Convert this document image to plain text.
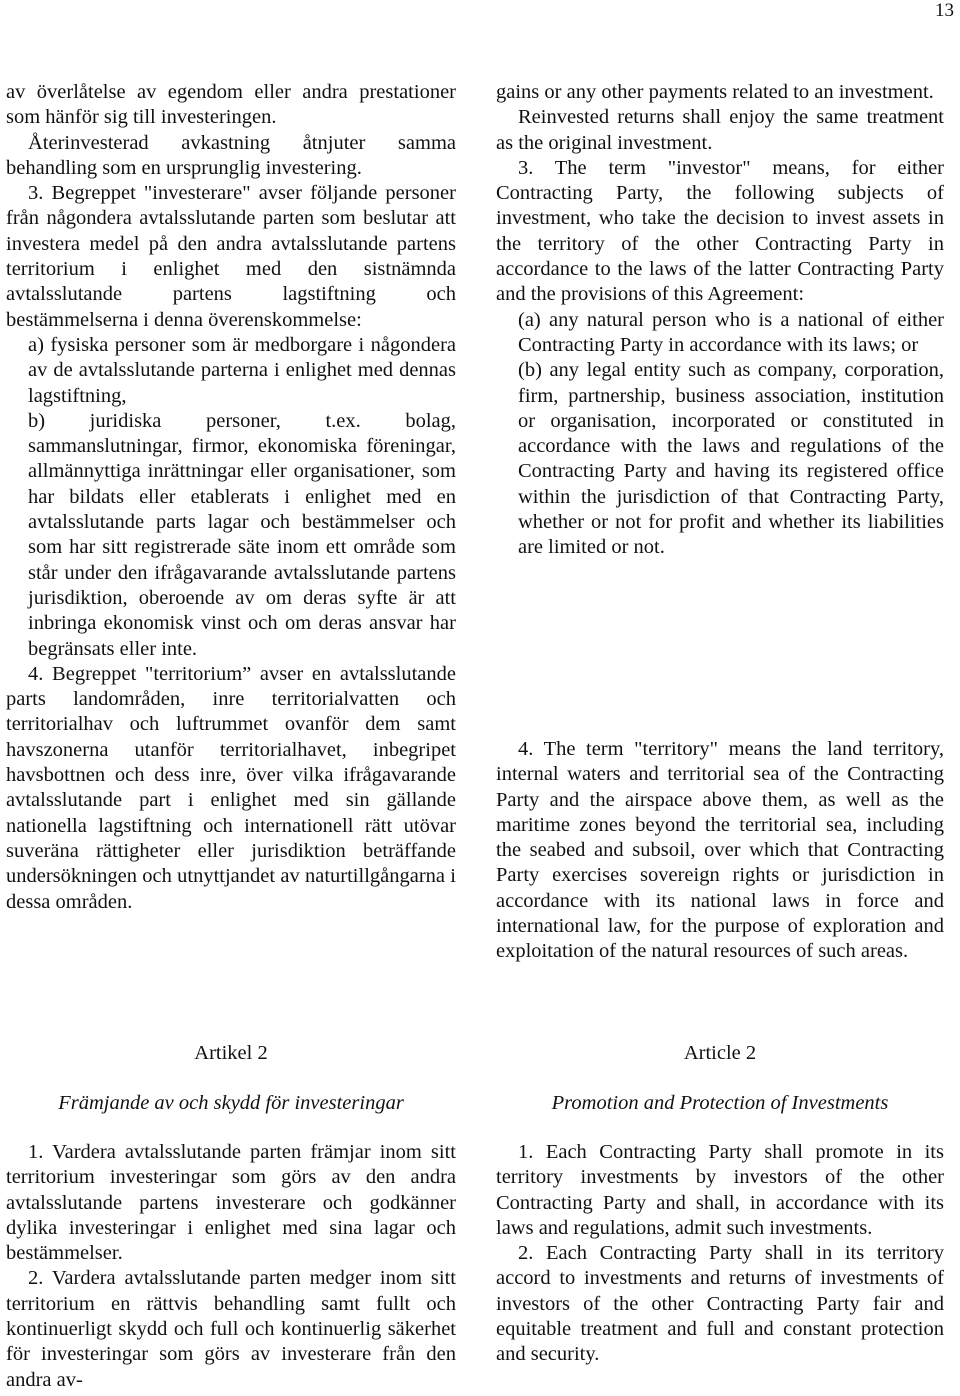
13

av överlåtelse av egendom eller andra prestationer som hänför sig till investeringen.

Återinvesterad avkastning åtnjuter samma behandling som en ursprunglig investering.

3. Begreppet "investerare" avser följande personer från någondera avtalsslutande parten som beslutar att investera medel på den andra avtalsslutande partens territorium i enlighet med den sistnämnda avtalsslutande partens lagstiftning och bestämmelserna i denna överenskommelse:

a) fysiska personer som är medborgare i någondera av de avtalsslutande parterna i enlighet med dennas lagstiftning,

b) juridiska personer, t.ex. bolag, sammanslutningar, firmor, ekonomiska föreningar, allmännyttiga inrättningar eller organisationer, som har bildats eller etablerats i enlighet med en avtalsslutande parts lagar och bestämmelser och som har sitt registrerade säte inom ett område som står under den ifrågavarande avtalsslutande partens jurisdiktion, oberoende av om deras syfte är att inbringa ekonomisk vinst och om deras ansvar har begränsats eller inte.

4. Begreppet "territorium” avser en avtalsslutande parts landområden, inre territorialvatten och territorialhav och luftrummet ovanför dem samt havszonerna utanför territorialhavet, inbegripet havsbottnen och dess inre, över vilka ifrågavarande avtalsslutande part i enlighet med sin gällande nationella lagstiftning och internationell rätt utövar suveräna rättigheter eller jurisdiktion beträffande undersökningen och utnyttjandet av naturtillgångarna i dessa områden.

gains or any other payments related to an investment.

Reinvested returns shall enjoy the same treatment as the original investment.

3. The term "investor" means, for either Contracting Party, the following subjects of investment, who take the decision to invest assets in the territory of the other Contracting Party in accordance to the laws of the latter Contracting Party and the provisions of this Agreement:

(a) any natural person who is a national of either Contracting Party in accordance with its laws; or

(b) any legal entity such as company, corporation, firm, partnership, business association, institution or organisation, incorporated or constituted in accordance with the laws and regulations of the Contracting Party and having its registered office within the jurisdiction of that Contracting Party, whether or not for profit and whether its liabilities are limited or not.

4. The term "territory" means the land territory, internal waters and territorial sea of the Contracting Party and the airspace above them, as well as the maritime zones beyond the territorial sea, including the seabed and subsoil, over which that Contracting Party exercises sovereign rights or jurisdiction in accordance with its national laws in force and international law, for the purpose of exploration and exploitation of the natural resources of such areas.

Artikel 2

Främjande av och skydd för investeringar

Article 2

Promotion and Protection of Investments

1. Vardera avtalsslutande parten främjar inom sitt territorium investeringar som görs av den andra avtalsslutande partens investerare och godkänner dylika investeringar i enlighet med sina lagar och bestämmelser.

2. Vardera avtalsslutande parten medger inom sitt territorium en rättvis behandling samt fullt och kontinuerligt skydd och full och kontinuerlig säkerhet för investeringar som görs av investerare från den andra av-

1. Each Contracting Party shall promote in its territory investments by investors of the other Contracting Party and shall, in accordance with its laws and regulations, admit such investments.

2. Each Contracting Party shall in its territory accord to investments and returns of investments of investors of the other Contracting Party fair and equitable treatment and full and constant protection and security.
